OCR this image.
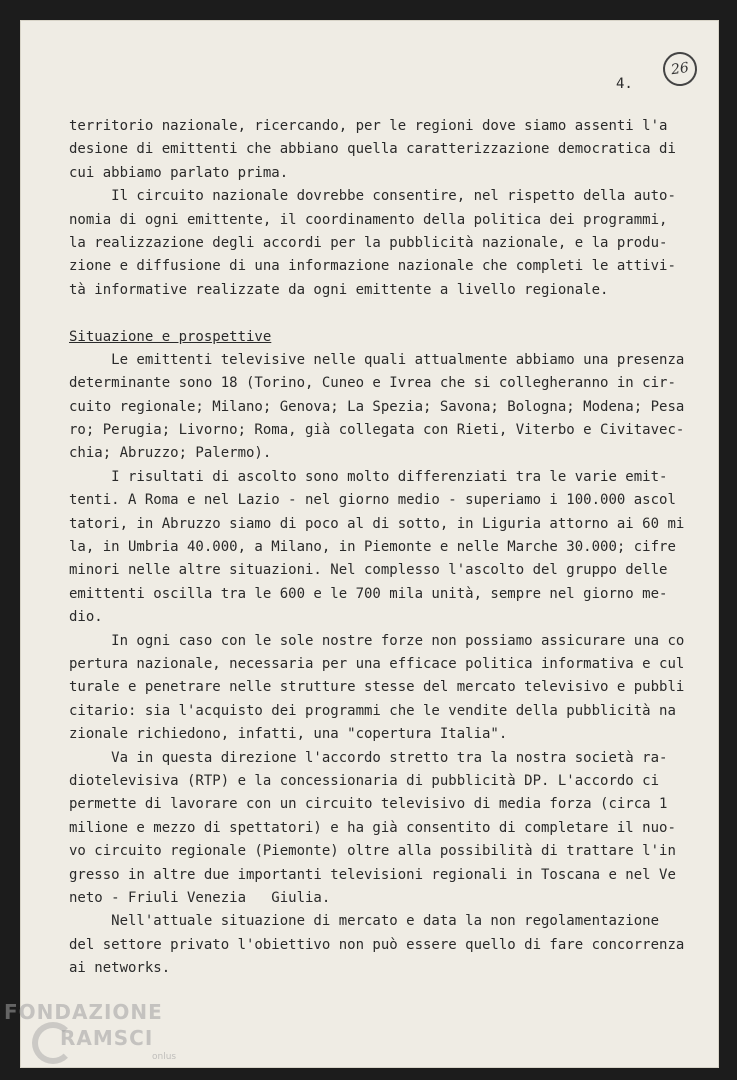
4.
26
territorio nazionale, ricercando, per le regioni dove siamo assenti l'a
desione di emittenti che abbiano quella caratterizzazione democratica di
cui abbiamo parlato prima.
Il circuito nazionale dovrebbe consentire, nel rispetto della auto-
nomia di ogni emittente, il coordinamento della politica dei programmi,
la realizzazione degli accordi per la pubblicità nazionale, e la produ-
zione e diffusione di una informazione nazionale che completi le attivi-
tà informative realizzate da ogni emittente a livello regionale.
Situazione e prospettive
Le emittenti televisive nelle quali attualmente abbiamo una presenza
determinante sono 18 (Torino, Cuneo e Ivrea che si collegheranno in cir-
cuito regionale; Milano; Genova; La Spezia; Savona; Bologna; Modena; Pesa
ro; Perugia; Livorno; Roma, già collegata con Rieti, Viterbo e Civitavec-
chia; Abruzzo; Palermo).
I risultati di ascolto sono molto differenziati tra le varie emit-
tenti. A Roma e nel Lazio - nel giorno medio - superiamo i 100.000 ascol
tatori, in Abruzzo siamo di poco al di sotto, in Liguria attorno ai 60 mi
la, in Umbria 40.000, a Milano, in Piemonte e nelle Marche 30.000; cifre
minori nelle altre situazioni. Nel complesso l'ascolto del gruppo delle
emittenti oscilla tra le 600 e le 700 mila unità, sempre nel giorno me-
dio.
In ogni caso con le sole nostre forze non possiamo assicurare una co
pertura nazionale, necessaria per una efficace politica informativa e cul
turale e penetrare nelle strutture stesse del mercato televisivo e pubbli
citario: sia l'acquisto dei programmi che le vendite della pubblicità na
zionale richiedono, infatti, una "copertura Italia".
Va in questa direzione l'accordo stretto tra la nostra società ra-
diotelevisiva (RTP) e la concessionaria di pubblicità DP. L'accordo ci
permette di lavorare con un circuito televisivo di media forza (circa 1
milione e mezzo di spettatori) e ha già consentito di completare il nuo-
vo circuito regionale (Piemonte) oltre alla possibilità di trattare l'in
gresso in altre due importanti televisioni regionali in Toscana e nel Ve
neto - Friuli Venezia   Giulia.
Nell'attuale situazione di mercato e data la non regolamentazione
del settore privato l'obiettivo non può essere quello di fare concorrenza
ai networks.
FONDAZIONE
RAMSCI
onlus
